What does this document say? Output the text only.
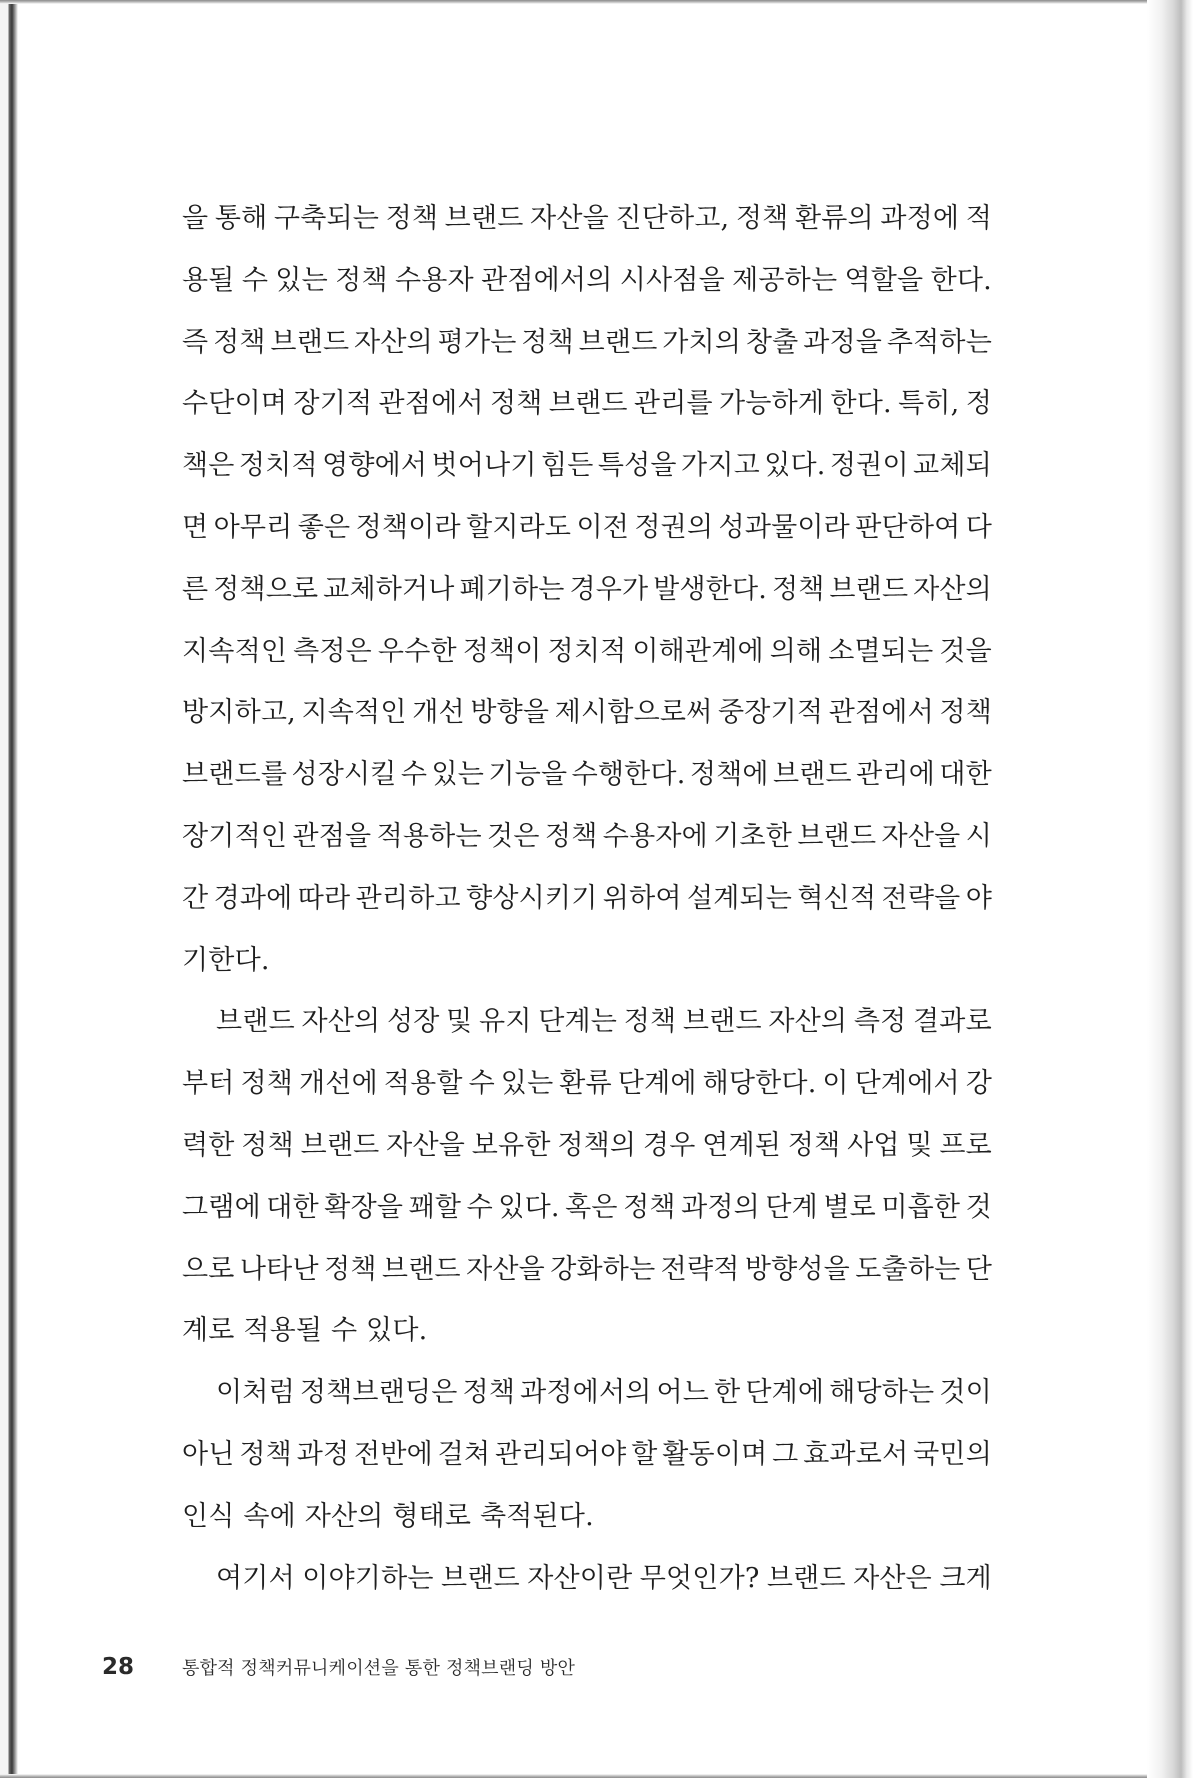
을 통해 구축되는 정책 브랜드 자산을 진단하고, 정책 환류의 과정에 적
용될 수 있는 정책 수용자 관점에서의 시사점을 제공하는 역할을 한다.
즉 정책 브랜드 자산의 평가는 정책 브랜드 가치의 창출 과정을 추적하는
수단이며 장기적 관점에서 정책 브랜드 관리를 가능하게 한다. 특히, 정
책은 정치적 영향에서 벗어나기 힘든 특성을 가지고 있다. 정권이 교체되
면 아무리 좋은 정책이라 할지라도 이전 정권의 성과물이라 판단하여 다
른 정책으로 교체하거나 폐기하는 경우가 발생한다. 정책 브랜드 자산의
지속적인 측정은 우수한 정책이 정치적 이해관계에 의해 소멸되는 것을
방지하고, 지속적인 개선 방향을 제시함으로써 중장기적 관점에서 정책
브랜드를 성장시킬 수 있는 기능을 수행한다. 정책에 브랜드 관리에 대한
장기적인 관점을 적용하는 것은 정책 수용자에 기초한 브랜드 자산을 시
간 경과에 따라 관리하고 향상시키기 위하여 설계되는 혁신적 전략을 야
기한다.
브랜드 자산의 성장 및 유지 단계는 정책 브랜드 자산의 측정 결과로
부터 정책 개선에 적용할 수 있는 환류 단계에 해당한다. 이 단계에서 강
력한 정책 브랜드 자산을 보유한 정책의 경우 연계된 정책 사업 및 프로
그램에 대한 확장을 꽤할 수 있다. 혹은 정책 과정의 단계 별로 미흡한 것
으로 나타난 정책 브랜드 자산을 강화하는 전략적 방향성을 도출하는 단
계로 적용될 수 있다.
이처럼 정책브랜딩은 정책 과정에서의 어느 한 단계에 해당하는 것이
아닌 정책 과정 전반에 걸쳐 관리되어야 할 활동이며 그 효과로서 국민의
인식 속에 자산의 형태로 축적된다.
여기서 이야기하는 브랜드 자산이란 무엇인가? 브랜드 자산은 크게
28	통합적 정책커뮤니케이션을 통한 정책브랜딩 방안
